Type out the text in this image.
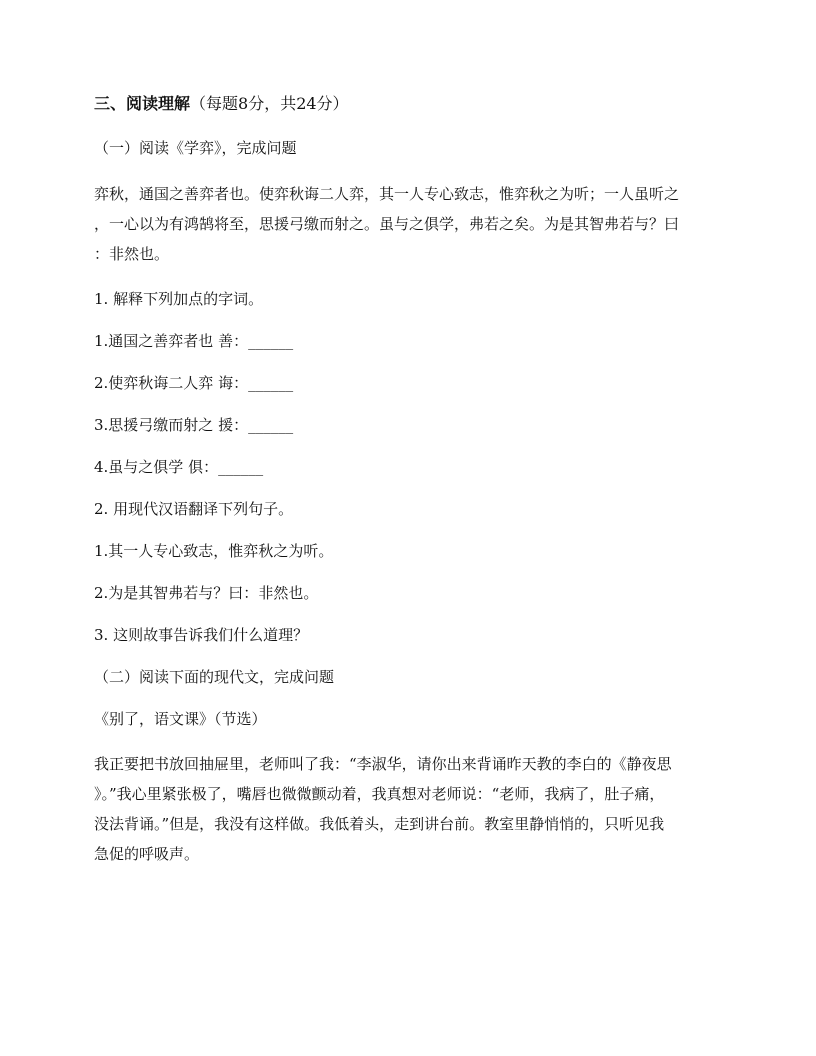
三、阅读理解（每题8分，共24分）
（一）阅读《学弈》，完成问题
弈秋，通国之善弈者也。使弈秋诲二人弈，其一人专心致志，惟弈秋之为听；一人虽听之
，一心以为有鸿鹄将至，思援弓缴而射之。虽与之俱学，弗若之矣。为是其智弗若与？曰
：非然也。
1. 解释下列加点的字词。
1.通国之善弈者也 善：______
2.使弈秋诲二人弈 诲：______
3.思援弓缴而射之 援：______
4.虽与之俱学 俱：______
2. 用现代汉语翻译下列句子。
1.其一人专心致志，惟弈秋之为听。
2.为是其智弗若与？曰：非然也。
3. 这则故事告诉我们什么道理？
（二）阅读下面的现代文，完成问题
《别了，语文课》（节选）
我正要把书放回抽屉里，老师叫了我：“李淑华，请你出来背诵昨天教的李白的《静夜思
》。”我心里紧张极了，嘴唇也微微颤动着，我真想对老师说：“老师，我病了，肚子痛，
没法背诵。”但是，我没有这样做。我低着头，走到讲台前。教室里静悄悄的，只听见我
急促的呼吸声。
